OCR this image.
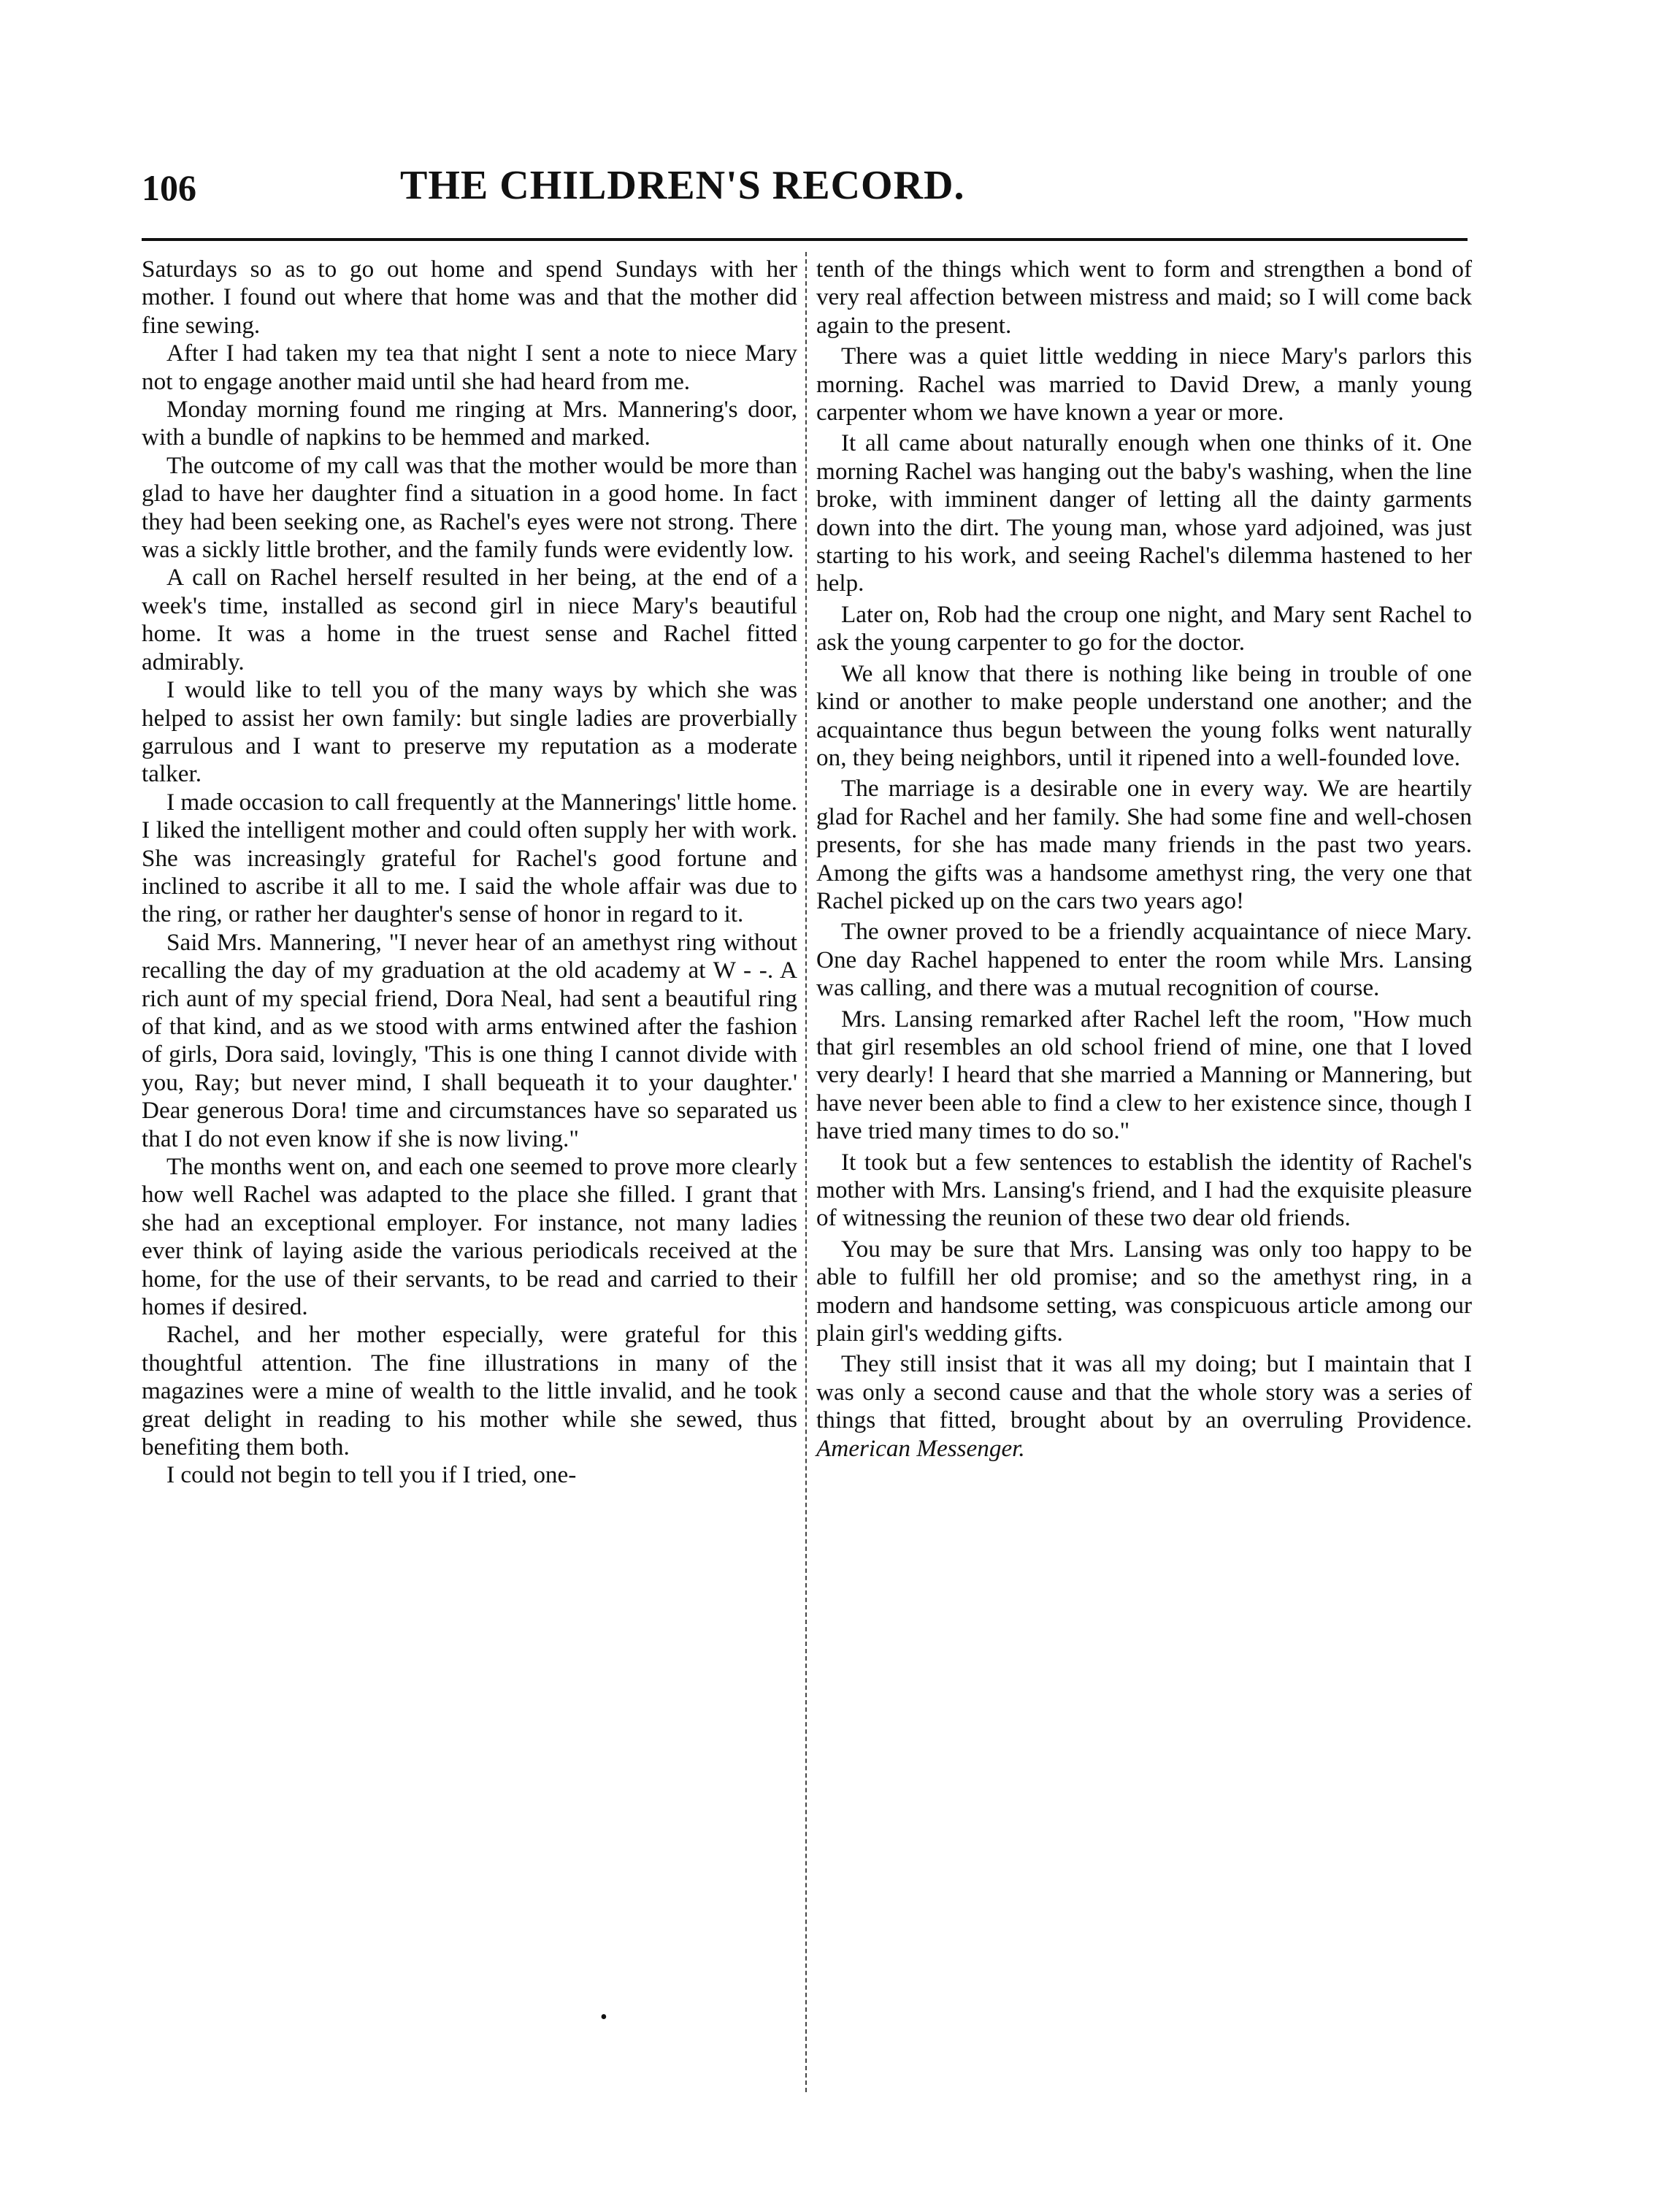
106	THE CHILDREN'S RECORD.

Saturdays so as to go out home and spend Sundays with her mother. I found out where that home was and that the mother did fine sewing.

After I had taken my tea that night I sent a note to niece Mary not to engage another maid until she had heard from me.

Monday morning found me ringing at Mrs. Mannering's door, with a bundle of napkins to be hemmed and marked.

The outcome of my call was that the mother would be more than glad to have her daughter find a situation in a good home. In fact they had been seeking one, as Rachel's eyes were not strong. There was a sickly little brother, and the family funds were evidently low.

A call on Rachel herself resulted in her being, at the end of a week's time, installed as second girl in niece Mary's beautiful home. It was a home in the truest sense and Rachel fitted admirably.

I would like to tell you of the many ways by which she was helped to assist her own family: but single ladies are proverbially garrulous and I want to preserve my reputation as a moderate talker.

I made occasion to call frequently at the Mannerings' little home. I liked the intelligent mother and could often supply her with work. She was increasingly grateful for Rachel's good fortune and inclined to ascribe it all to me. I said the whole affair was due to the ring, or rather her daughter's sense of honor in regard to it.

Said Mrs. Mannering, "I never hear of an amethyst ring without recalling the day of my graduation at the old academy at W - -. A rich aunt of my special friend, Dora Neal, had sent a beautiful ring of that kind, and as we stood with arms entwined after the fashion of girls, Dora said, lovingly, 'This is one thing I cannot divide with you, Ray; but never mind, I shall bequeath it to your daughter.' Dear generous Dora! time and circumstances have so separated us that I do not even know if she is now living."

The months went on, and each one seemed to prove more clearly how well Rachel was adapted to the place she filled. I grant that she had an exceptional employer. For instance, not many ladies ever think of laying aside the various periodicals received at the home, for the use of their servants, to be read and carried to their homes if desired.

Rachel, and her mother especially, were grateful for this thoughtful attention. The fine illustrations in many of the magazines were a mine of wealth to the little invalid, and he took great delight in reading to his mother while she sewed, thus benefiting them both.

I could not begin to tell you if I tried, one-

tenth of the things which went to form and strengthen a bond of very real affection between mistress and maid; so I will come back again to the present.

There was a quiet little wedding in niece Mary's parlors this morning. Rachel was married to David Drew, a manly young carpenter whom we have known a year or more.

It all came about naturally enough when one thinks of it. One morning Rachel was hanging out the baby's washing, when the line broke, with imminent danger of letting all the dainty garments down into the dirt. The young man, whose yard adjoined, was just starting to his work, and seeing Rachel's dilemma hastened to her help.

Later on, Rob had the croup one night, and Mary sent Rachel to ask the young carpenter to go for the doctor.

We all know that there is nothing like being in trouble of one kind or another to make people understand one another; and the acquaintance thus begun between the young folks went naturally on, they being neighbors, until it ripened into a well-founded love.

The marriage is a desirable one in every way. We are heartily glad for Rachel and her family. She had some fine and well-chosen presents, for she has made many friends in the past two years. Among the gifts was a handsome amethyst ring, the very one that Rachel picked up on the cars two years ago!

The owner proved to be a friendly acquaintance of niece Mary. One day Rachel happened to enter the room while Mrs. Lansing was calling, and there was a mutual recognition of course.

Mrs. Lansing remarked after Rachel left the room, "How much that girl resembles an old school friend of mine, one that I loved very dearly! I heard that she married a Manning or Mannering, but have never been able to find a clew to her existence since, though I have tried many times to do so."

It took but a few sentences to establish the identity of Rachel's mother with Mrs. Lansing's friend, and I had the exquisite pleasure of witnessing the reunion of these two dear old friends.

You may be sure that Mrs. Lansing was only too happy to be able to fulfill her old promise; and so the amethyst ring, in a modern and handsome setting, was conspicuous article among our plain girl's wedding gifts.

They still insist that it was all my doing; but I maintain that I was only a second cause and that the whole story was a series of things that fitted, brought about by an overruling Providence. American Messenger.

•
